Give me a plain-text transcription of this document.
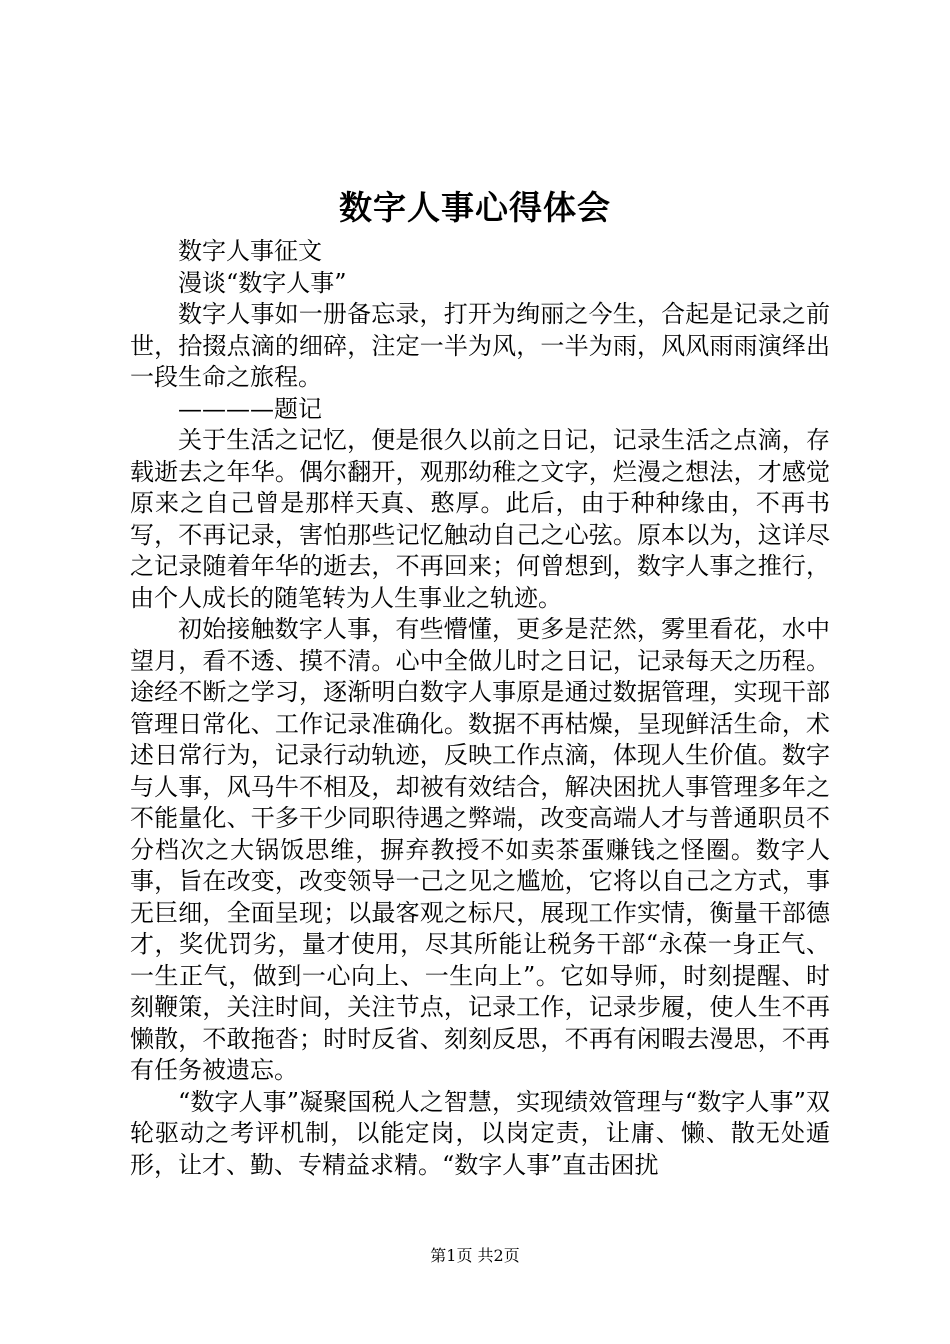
数字人事心得体会

数字人事征文

漫谈“数字人事”

数字人事如一册备忘录，打开为绚丽之今生，合起是记录之前世，拾掇点滴的细碎，注定一半为风，一半为雨，风风雨雨演绎出一段生命之旅程。

————题记

关于生活之记忆，便是很久以前之日记，记录生活之点滴，存载逝去之年华。偶尔翻开，观那幼稚之文字，烂漫之想法，才感觉原来之自己曾是那样天真、憨厚。此后，由于种种缘由，不再书写，不再记录，害怕那些记忆触动自己之心弦。原本以为，这详尽之记录随着年华的逝去，不再回来；何曾想到，数字人事之推行，由个人成长的随笔转为人生事业之轨迹。

初始接触数字人事，有些懵懂，更多是茫然，雾里看花，水中望月，看不透、摸不清。心中全做儿时之日记，记录每天之历程。途经不断之学习，逐渐明白数字人事原是通过数据管理，实现干部管理日常化、工作记录准确化。数据不再枯燥，呈现鲜活生命，术述日常行为，记录行动轨迹，反映工作点滴，体现人生价值。数字与人事，风马牛不相及，却被有效结合，解决困扰人事管理多年之不能量化、干多干少同职待遇之弊端，改变高端人才与普通职员不分档次之大锅饭思维，摒弃教授不如卖茶蛋赚钱之怪圈。数字人事，旨在改变，改变领导一己之见之尴尬，它将以自己之方式，事无巨细，全面呈现；以最客观之标尺，展现工作实情，衡量干部德才，奖优罚劣，量才使用，尽其所能让税务干部“永葆一身正气、一生正气，做到一心向上、一生向上”。它如导师，时刻提醒、时刻鞭策，关注时间，关注节点，记录工作，记录步履，使人生不再懒散，不敢拖沓；时时反省、刻刻反思，不再有闲暇去漫思，不再有任务被遗忘。

“数字人事”凝聚国税人之智慧，实现绩效管理与“数字人事”双轮驱动之考评机制，以能定岗，以岗定责，让庸、懒、散无处遁形，让才、勤、专精益求精。“数字人事”直击困扰

第1页 共2页
